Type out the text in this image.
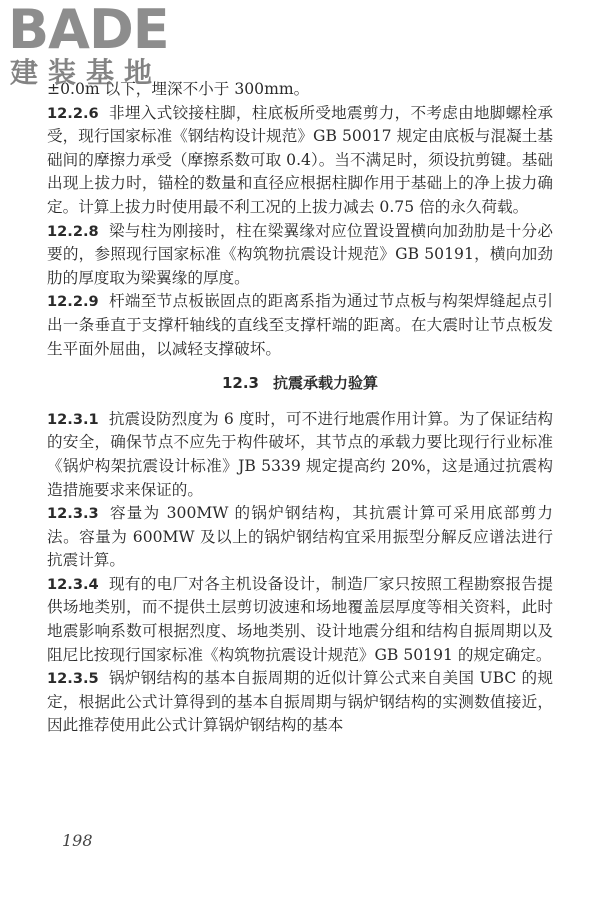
BADE
建装基地

±0.0m 以下，埋深不小于 300mm。

12.2.6 非埋入式铰接柱脚，柱底板所受地震剪力，不考虑由地脚螺栓承受，现行国家标准《钢结构设计规范》GB 50017 规定由底板与混凝土基础间的摩擦力承受（摩擦系数可取 0.4）。当不满足时，须设抗剪键。基础出现上拔力时，锚栓的数量和直径应根据柱脚作用于基础上的净上拔力确定。计算上拔力时使用最不利工况的上拔力减去 0.75 倍的永久荷载。

12.2.8 梁与柱为刚接时，柱在梁翼缘对应位置设置横向加劲肋是十分必要的，参照现行国家标准《构筑物抗震设计规范》GB 50191，横向加劲肋的厚度取为梁翼缘的厚度。

12.2.9 杆端至节点板嵌固点的距离系指为通过节点板与构架焊缝起点引出一条垂直于支撑杆轴线的直线至支撑杆端的距离。在大震时让节点板发生平面外屈曲，以减轻支撑破坏。

12.3 抗震承载力验算

12.3.1 抗震设防烈度为 6 度时，可不进行地震作用计算。为了保证结构的安全，确保节点不应先于构件破坏，其节点的承载力要比现行行业标准《锅炉构架抗震设计标准》JB 5339 规定提高约 20%，这是通过抗震构造措施要求来保证的。

12.3.3 容量为 300MW 的锅炉钢结构，其抗震计算可采用底部剪力法。容量为 600MW 及以上的锅炉钢结构宜采用振型分解反应谱法进行抗震计算。

12.3.4 现有的电厂对各主机设备设计，制造厂家只按照工程勘察报告提供场地类别，而不提供土层剪切波速和场地覆盖层厚度等相关资料，此时地震影响系数可根据烈度、场地类别、设计地震分组和结构自振周期以及阻尼比按现行国家标准《构筑物抗震设计规范》GB 50191 的规定确定。

12.3.5 锅炉钢结构的基本自振周期的近似计算公式来自美国 UBC 的规定，根据此公式计算得到的基本自振周期与锅炉钢结构的实测数值接近，因此推荐使用此公式计算锅炉钢结构的基本

198
